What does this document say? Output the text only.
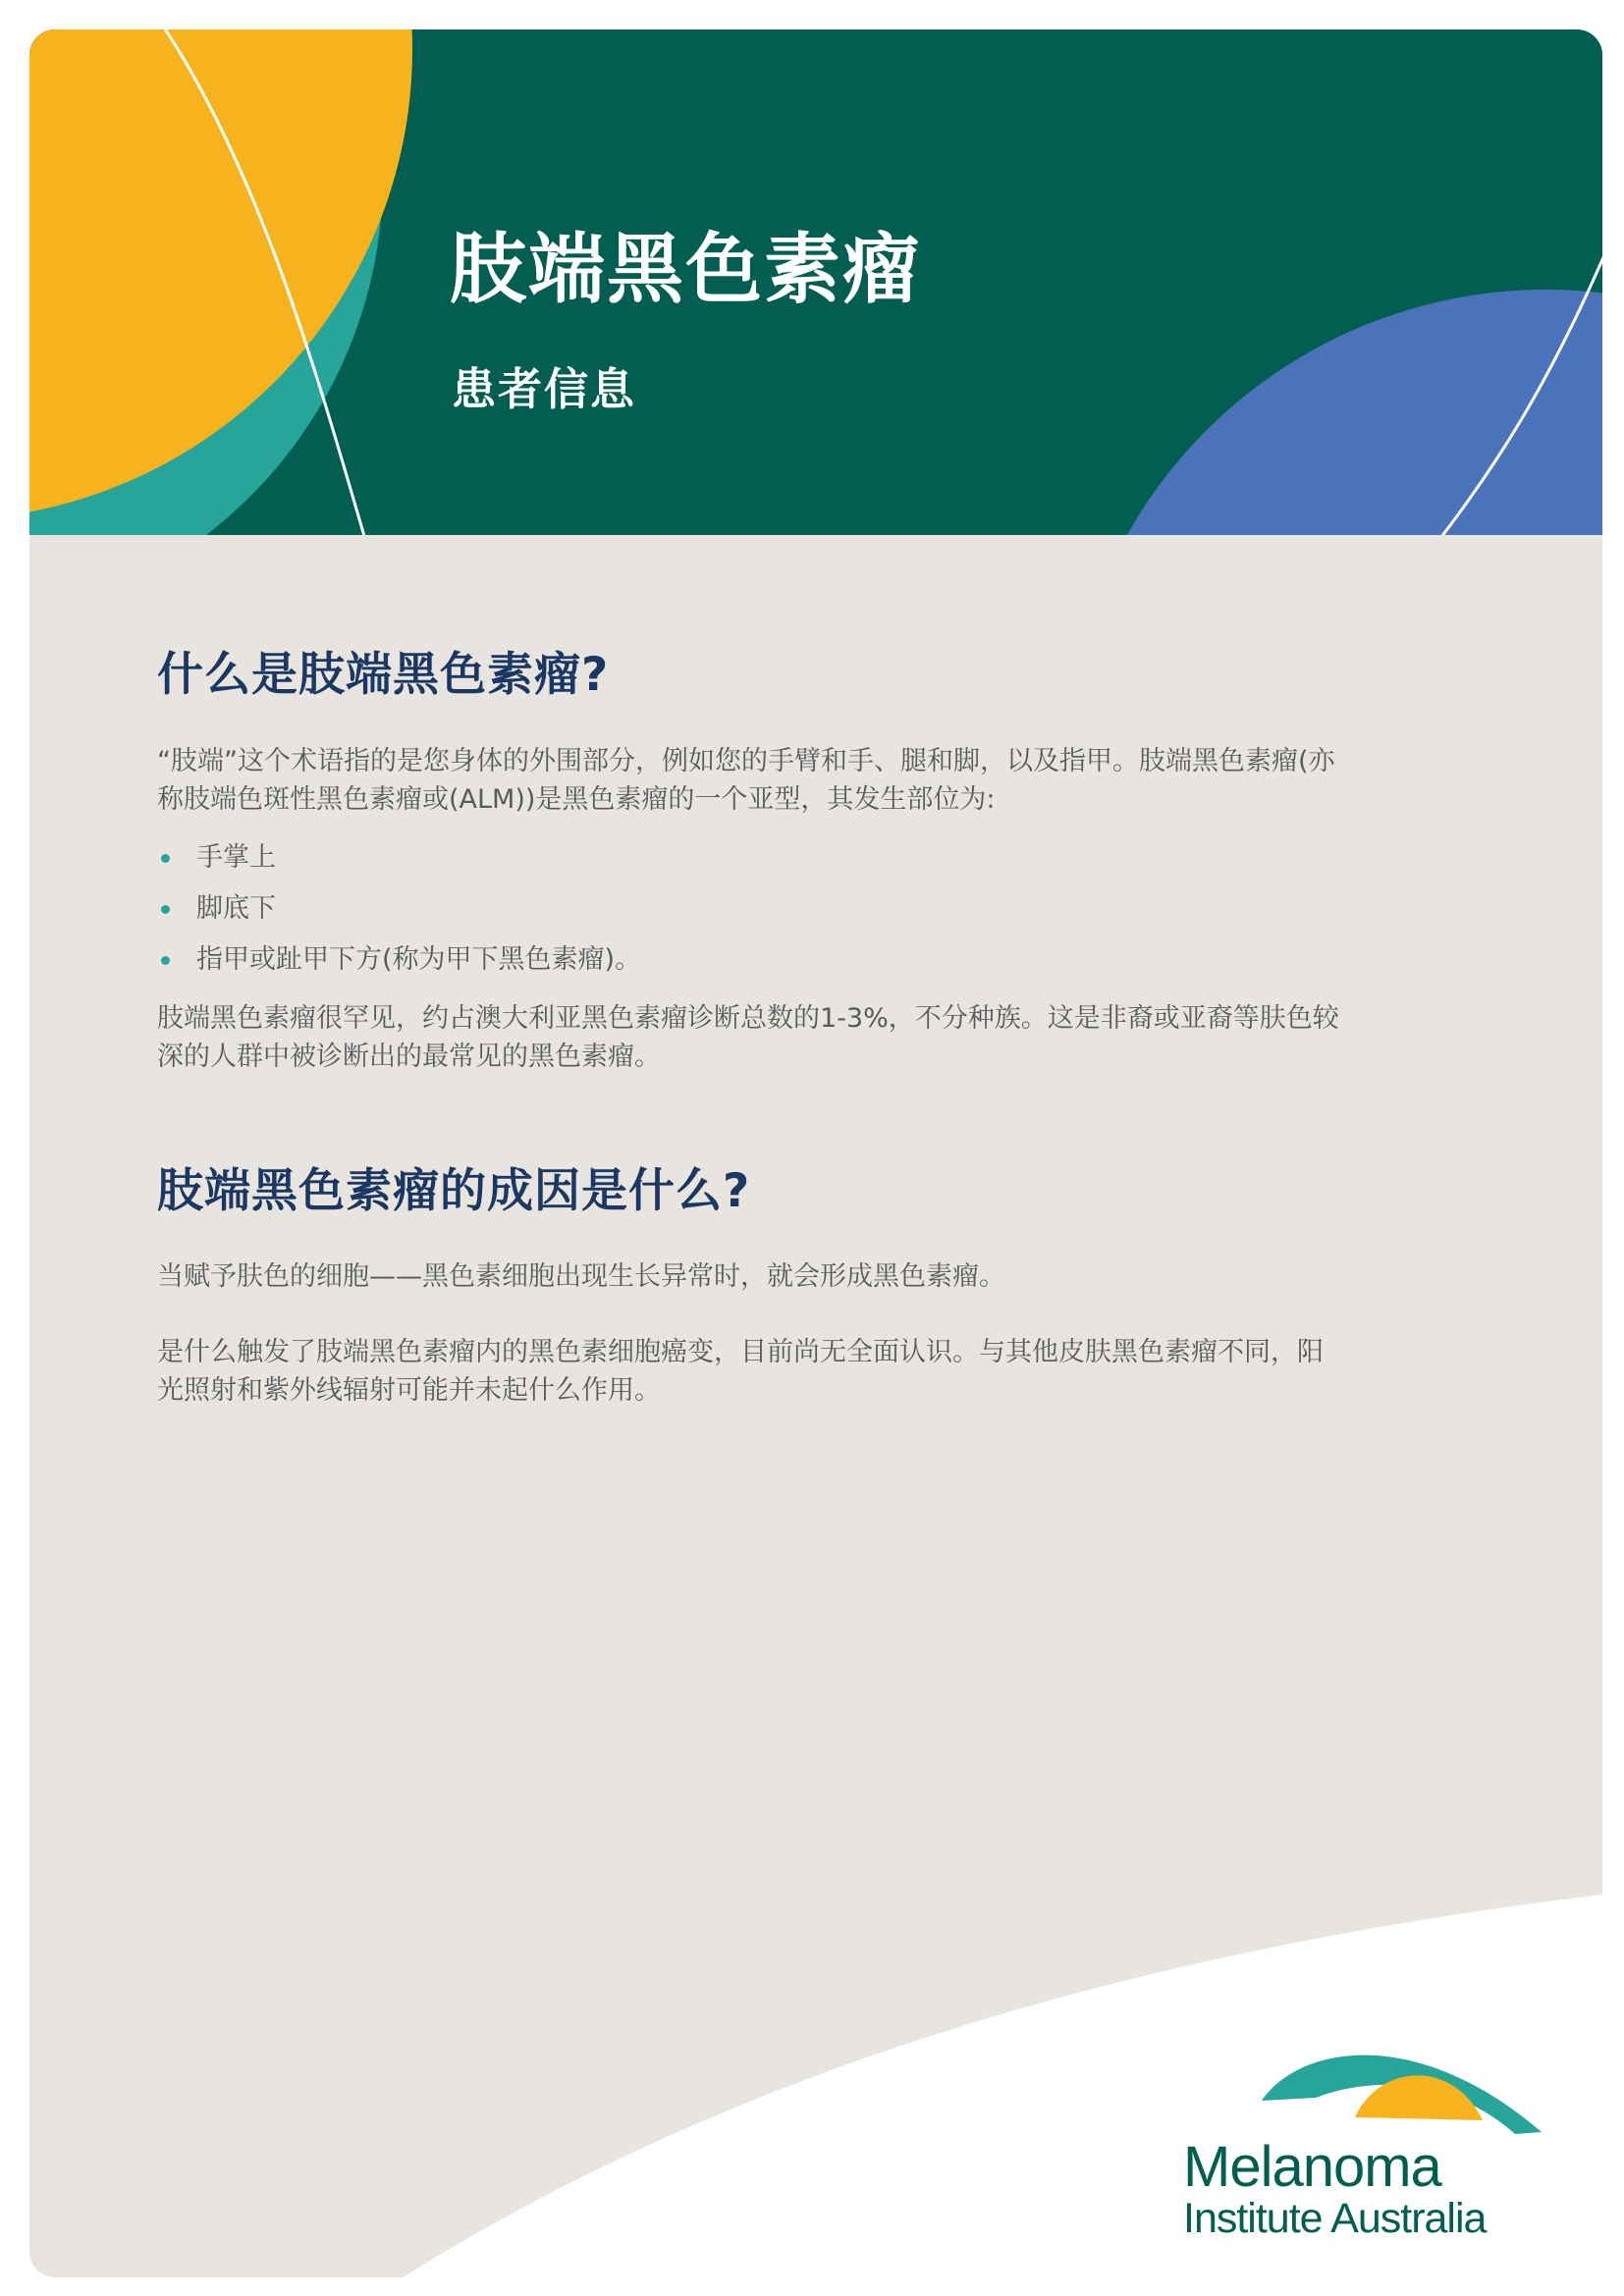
肢端黑色素瘤
患者信息
什么是肢端黑色素瘤?

“肢端”这个术语指的是您身体的外围部分，例如您的手臂和手、腿和脚，以及指甲。肢端黑色素瘤(亦称肢端色斑性黑色素瘤或(ALM))是黑色素瘤的一个亚型，其发生部位为:

手掌上
脚底下
指甲或趾甲下方(称为甲下黑色素瘤)。

肢端黑色素瘤很罕见，约占澳大利亚黑色素瘤诊断总数的1-3%，不分种族。这是非裔或亚裔等肤色较深的人群中被诊断出的最常见的黑色素瘤。

肢端黑色素瘤的成因是什么?

当赋予肤色的细胞——黑色素细胞出现生长异常时，就会形成黑色素瘤。

是什么触发了肢端黑色素瘤内的黑色素细胞癌变，目前尚无全面认识。与其他皮肤黑色素瘤不同，阳光照射和紫外线辐射可能并未起什么作用。

Melanoma
Institute Australia
